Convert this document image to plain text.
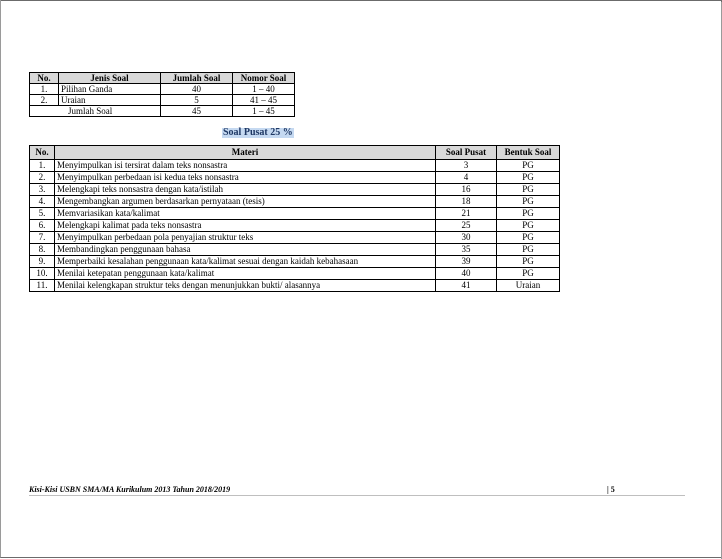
No.	Jenis Soal	Jumlah Soal	Nomor Soal
1.	Pilihan Ganda	40	1 – 40
2.	Uraian	5	41 – 45
Jumlah Soal		45	1 – 45
Soal Pusat 25 %
No.	Materi	Soal Pusat	Bentuk Soal
1.	Menyimpulkan isi tersirat dalam teks nonsastra	3	PG
2.	Menyimpulkan perbedaan isi kedua teks nonsastra	4	PG
3.	Melengkapi teks nonsastra dengan kata/istilah	16	PG
4.	Mengembangkan argumen berdasarkan pernyataan (tesis)	18	PG
5.	Memvariasikan kata/kalimat	21	PG
6.	Melengkapi kalimat pada teks nonsastra	25	PG
7.	Menyimpulkan perbedaan pola penyajian struktur teks	30	PG
8.	Membandingkan penggunaan bahasa	35	PG
9.	Memperbaiki kesalahan penggunaan kata/kalimat sesuai dengan kaidah kebahasaan	39	PG
10.	Menilai ketepatan penggunaan kata/kalimat	40	PG
11.	Menilai kelengkapan struktur teks dengan menunjukkan bukti/ alasannya	41	Uraian
Kisi-Kisi USBN SMA/MA Kurikulum 2013 Tahun 2018/2019	| 5
